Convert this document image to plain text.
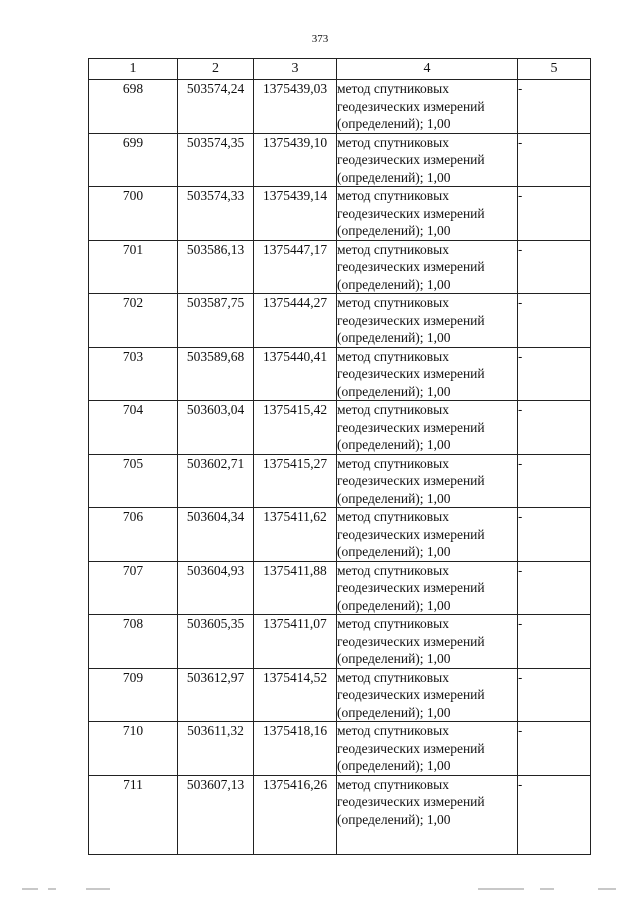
373
1	2	3	4	5
698	503574,24	1375439,03	метод спутниковых геодезических измерений (определений); 1,00	-
699	503574,35	1375439,10	метод спутниковых геодезических измерений (определений); 1,00	-
700	503574,33	1375439,14	метод спутниковых геодезических измерений (определений); 1,00	-
701	503586,13	1375447,17	метод спутниковых геодезических измерений (определений); 1,00	-
702	503587,75	1375444,27	метод спутниковых геодезических измерений (определений); 1,00	-
703	503589,68	1375440,41	метод спутниковых геодезических измерений (определений); 1,00	-
704	503603,04	1375415,42	метод спутниковых геодезических измерений (определений); 1,00	-
705	503602,71	1375415,27	метод спутниковых геодезических измерений (определений); 1,00	-
706	503604,34	1375411,62	метод спутниковых геодезических измерений (определений); 1,00	-
707	503604,93	1375411,88	метод спутниковых геодезических измерений (определений); 1,00	-
708	503605,35	1375411,07	метод спутниковых геодезических измерений (определений); 1,00	-
709	503612,97	1375414,52	метод спутниковых геодезических измерений (определений); 1,00	-
710	503611,32	1375418,16	метод спутниковых геодезических измерений (определений); 1,00	-
711	503607,13	1375416,26	метод спутниковых геодезических измерений (определений); 1,00	-
